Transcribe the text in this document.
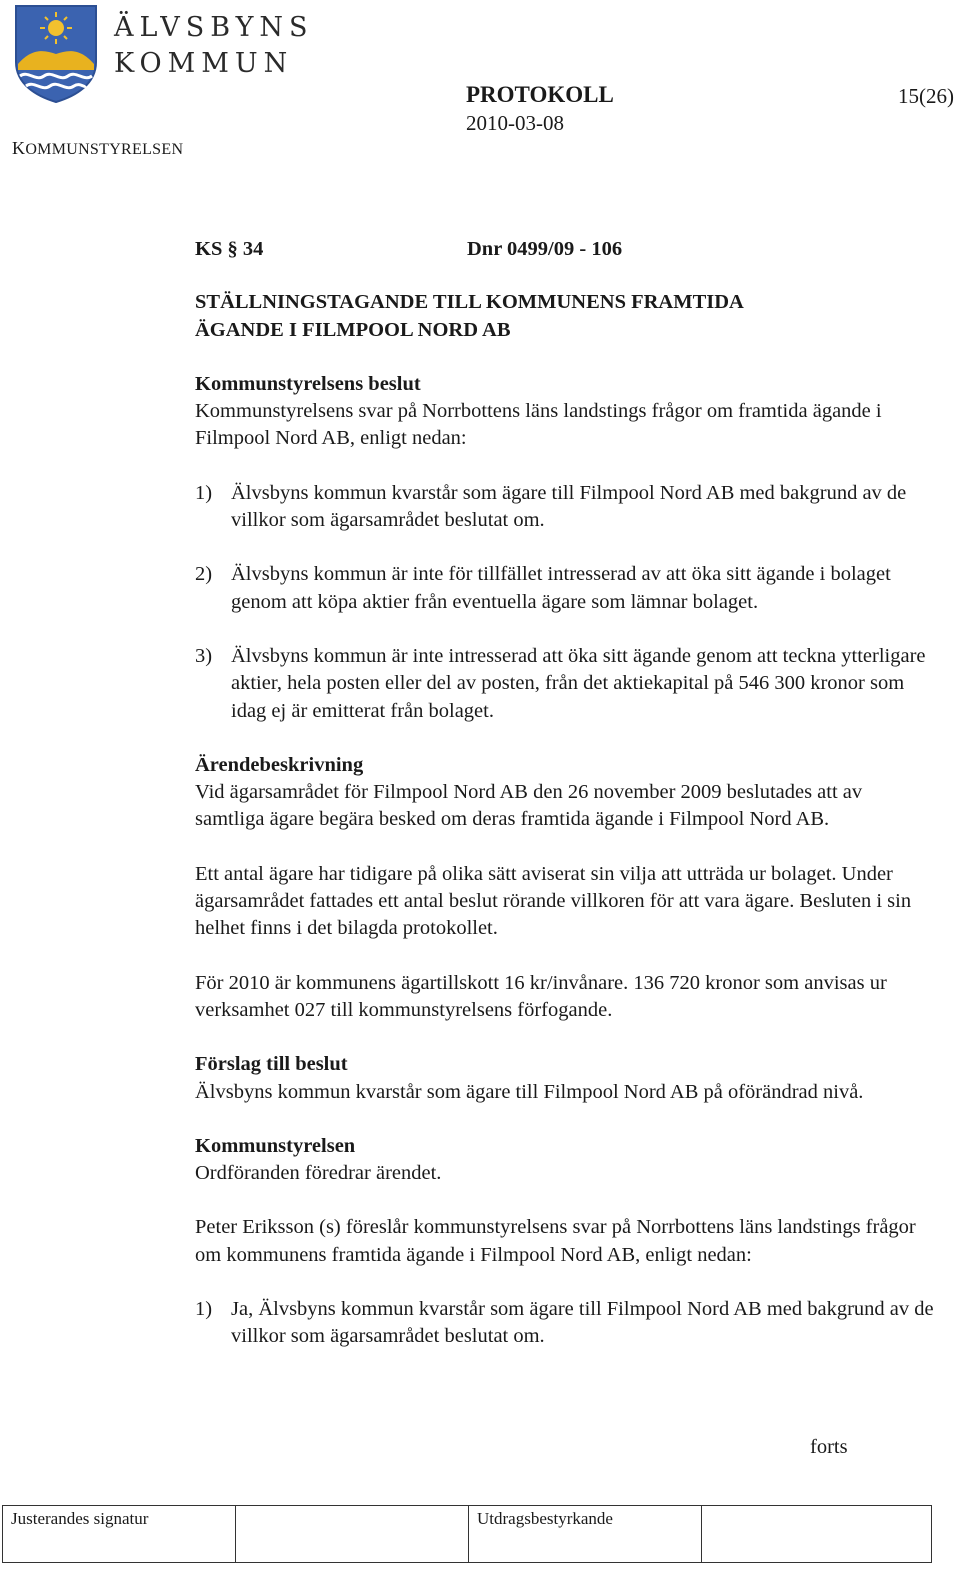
ÄLVSBYNS
KOMMUN
KOMMUNSTYRELSEN
PROTOKOLL
2010-03-08
15(26)
KS § 34	Dnr 0499/09 - 106

STÄLLNINGSTAGANDE TILL KOMMUNENS FRAMTIDA
ÄGANDE I FILMPOOL NORD AB

Kommunstyrelsens beslut

Kommunstyrelsens svar på Norrbottens läns landstings frågor om framtida ägande i Filmpool Nord AB, enligt nedan:

1) Älvsbyns kommun kvarstår som ägare till Filmpool Nord AB med bakgrund av de villkor som ägarsamrådet beslutat om.
2) Älvsbyns kommun är inte för tillfället intresserad av att öka sitt ägande i bolaget genom att köpa aktier från eventuella ägare som lämnar bolaget.
3) Älvsbyns kommun är inte intresserad att öka sitt ägande genom att teckna ytterligare aktier, hela posten eller del av posten, från det aktiekapital på 546 300 kronor som idag ej är emitterat från bolaget.

Ärendebeskrivning

Vid ägarsamrådet för Filmpool Nord AB den 26 november 2009 beslutades att av samtliga ägare begära besked om deras framtida ägande i Filmpool Nord AB.

Ett antal ägare har tidigare på olika sätt aviserat sin vilja att utträda ur bolaget. Under ägarsamrådet fattades ett antal beslut rörande villkoren för att vara ägare. Besluten i sin helhet finns i det bilagda protokollet.

För 2010 är kommunens ägartillskott 16 kr/invånare. 136 720 kronor som anvisas ur verksamhet 027 till kommunstyrelsens förfogande.

Förslag till beslut

Älvsbyns kommun kvarstår som ägare till Filmpool Nord AB på oförändrad nivå.

Kommunstyrelsen

Ordföranden föredrar ärendet.

Peter Eriksson (s) föreslår kommunstyrelsens svar på Norrbottens läns landstings frågor om kommunens framtida ägande i Filmpool Nord AB, enligt nedan:

1) Ja, Älvsbyns kommun kvarstår som ägare till Filmpool Nord AB med bakgrund av de villkor som ägarsamrådet beslutat om.
forts
Justerandes signatur	Utdragsbestyrkande
